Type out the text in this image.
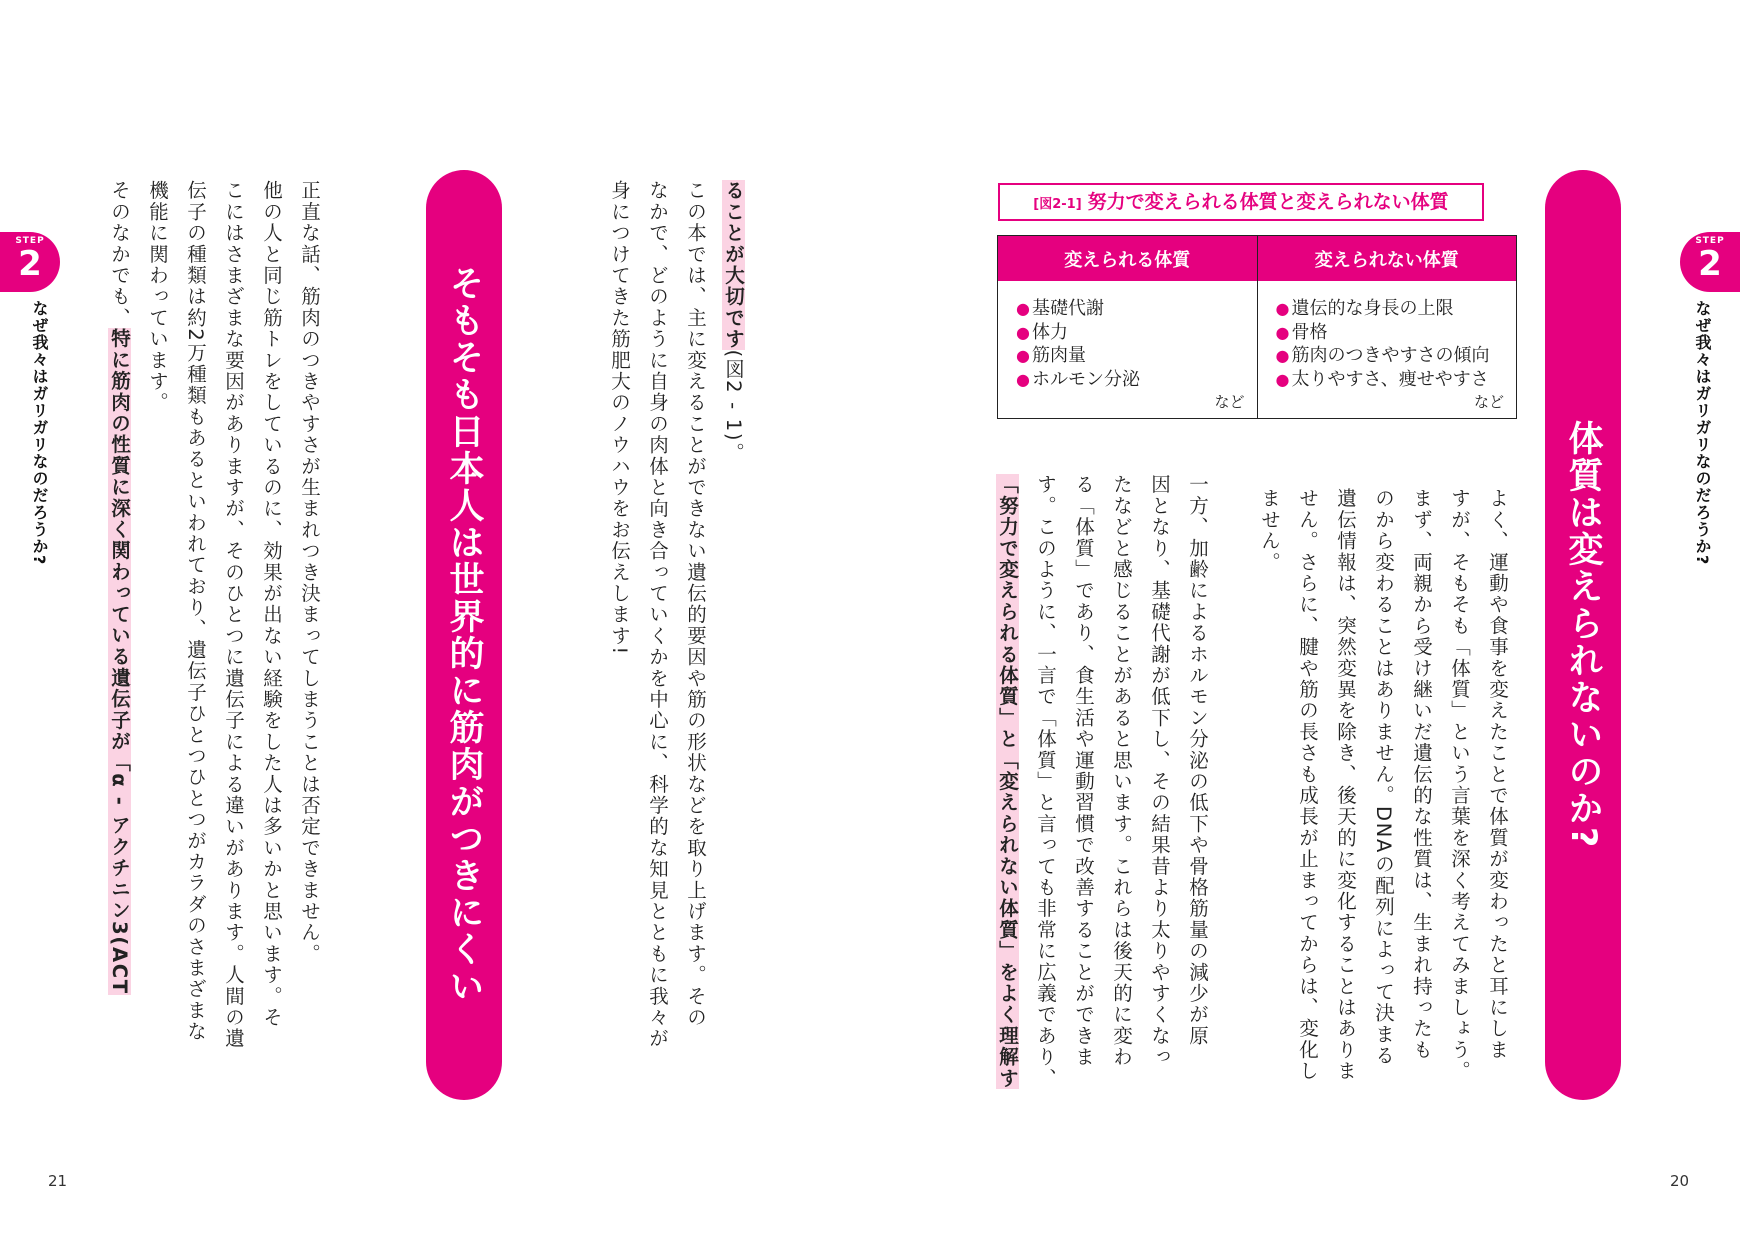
STEP
2
なぜ我々はガリガリなのだろうか?
体質は変えられないのか?
[図2-1] 努力で変えられる体質と変えられない体質
変えられる体質
● 基礎代謝
● 体力
● 筋肉量
● ホルモン分泌
など
変えられない体質
● 遺伝的な身長の上限
● 骨格
● 筋肉のつきやすさの傾向
● 太りやすさ、痩せやすさ
など
よく、運動や食事を変えたことで体質が変わったと耳にしま
すが、そもそも「体質」という言葉を深く考えてみましょう。
まず、両親から受け継いだ遺伝的な性質は、生まれ持ったも
のから変わることはありません。DNAの配列によって決まる
遺伝情報は、突然変異を除き、後天的に変化することはありま
せん。さらに、腱や筋の長さも成長が止まってからは、変化し
ません。
一方、加齢によるホルモン分泌の低下や骨格筋量の減少が原
因となり、基礎代謝が低下し、その結果昔より太りやすくなっ
たなどと感じることがあると思います。これらは後天的に変わ
る「体質」であり、食生活や運動習慣で改善することができま
す。このように、一言で「体質」と言っても非常に広義であり、
「努力で変えられる体質」と「変えられない体質」をよく理解す
20
STEP
2
なぜ我々はガリガリなのだろうか?
ることが大切です(図2 - 1)。
この本では、主に変えることができない遺伝的要因や筋の形状などを取り上げます。その
なかで、どのように自身の肉体と向き合っていくかを中心に、科学的な知見とともに我々が
身につけてきた筋肥大のノウハウをお伝えします!
そもそも日本人は世界的に筋肉がつきにくい
正直な話、筋肉のつきやすさが生まれつき決まってしまうことは否定できません。
他の人と同じ筋トレをしているのに、効果が出ない経験をした人は多いかと思います。そ
こにはさまざまな要因がありますが、そのひとつに遺伝子による違いがあります。人間の遺
伝子の種類は約2万種類もあるといわれており、遺伝子ひとつひとつがカラダのさまざまな
機能に関わっています。
そのなかでも、特に筋肉の性質に深く関わっている遺伝子が「α - アクチニン3(ACT
21
